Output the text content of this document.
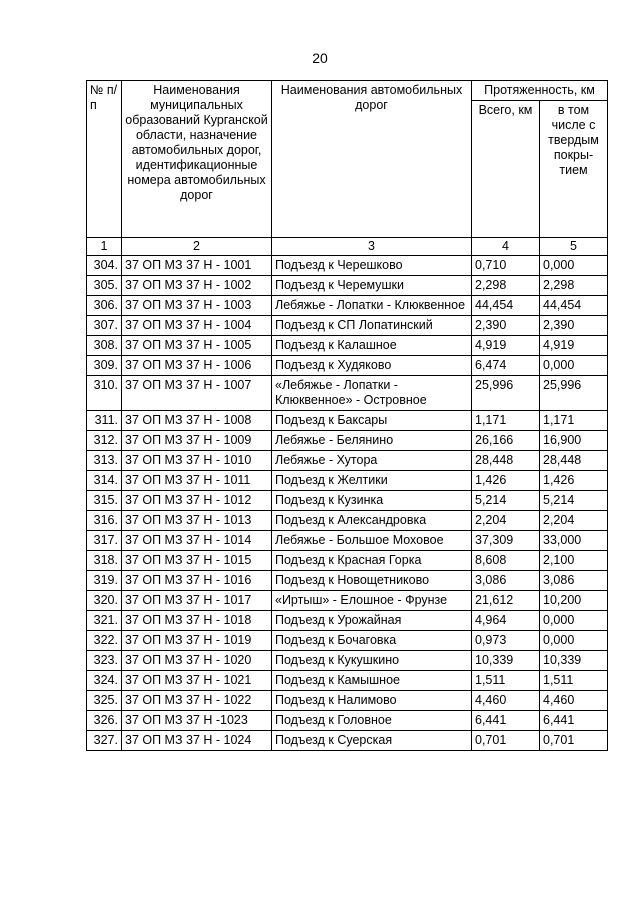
20
№ п/п	Наименования муниципальных образований Курганской области, назначение автомобильных дорог, идентификационные номера автомобильных дорог	Наименования автомобильных дорог	Протяженность, км	
			Всего, км	в том числе с твердым покры-тием
1	2	3	4	5
304.	37 ОП МЗ 37 Н - 1001	Подъезд к Черешково	0,710	0,000
305.	37 ОП МЗ 37 Н - 1002	Подъезд к Черемушки	2,298	2,298
306.	37 ОП МЗ 37 Н - 1003	Лебяжье - Лопатки - Клюквенное	44,454	44,454
307.	37 ОП МЗ 37 Н - 1004	Подъезд к СП Лопатинский	2,390	2,390
308.	37 ОП МЗ 37 Н - 1005	Подъезд к Калашное	4,919	4,919
309.	37 ОП МЗ 37 Н - 1006	Подъезд к Худяково	6,474	0,000
310.	37 ОП МЗ 37 Н - 1007	«Лебяжье - Лопатки - Клюквенное» - Островное	25,996	25,996
311.	37 ОП МЗ 37 Н - 1008	Подъезд к Баксары	1,171	1,171
312.	37 ОП МЗ 37 Н - 1009	Лебяжье - Белянино	26,166	16,900
313.	37 ОП МЗ 37 Н - 1010	Лебяжье - Хутора	28,448	28,448
314.	37 ОП МЗ 37 Н - 1011	Подъезд к Желтики	1,426	1,426
315.	37 ОП МЗ 37 Н - 1012	Подъезд к Кузинка	5,214	5,214
316.	37 ОП МЗ 37 Н - 1013	Подъезд к Александровка	2,204	2,204
317.	37 ОП МЗ 37 Н - 1014	Лебяжье - Большое Моховое	37,309	33,000
318.	37 ОП МЗ 37 Н - 1015	Подъезд к Красная Горка	8,608	2,100
319.	37 ОП МЗ 37 Н - 1016	Подъезд к Новощетниково	3,086	3,086
320.	37 ОП МЗ 37 Н - 1017	«Иртыш» - Елошное - Фрунзе	21,612	10,200
321.	37 ОП МЗ 37 Н - 1018	Подъезд к Урожайная	4,964	0,000
322.	37 ОП МЗ 37 Н - 1019	Подъезд к Бочаговка	0,973	0,000
323.	37 ОП МЗ 37 Н - 1020	Подъезд к Кукушкино	10,339	10,339
324.	37 ОП МЗ 37 Н - 1021	Подъезд к Камышное	1,511	1,511
325.	37 ОП МЗ 37 Н - 1022	Подъезд к Налимово	4,460	4,460
326.	37 ОП МЗ 37 Н -1023	Подъезд к Головное	6,441	6,441
327.	37 ОП МЗ 37 Н - 1024	Подъезд к Суерская	0,701	0,701
